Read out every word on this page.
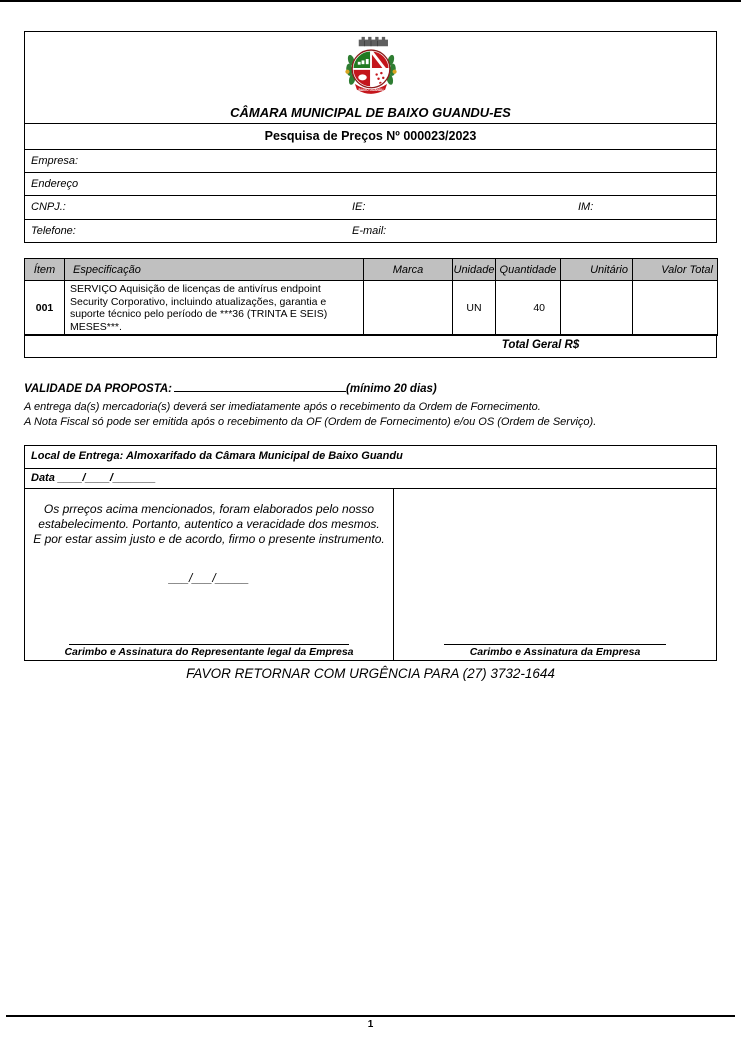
BAIXO GUANDU
CÂMARA MUNICIPAL DE BAIXO GUANDU-ES
Pesquisa de Preços Nº 000023/2023
Empresa:
Endereço
CNPJ.:	IE:	IM:
Telefone:	E-mail:
Ítem	Especificação	Marca	Unidade	Quantidade	Unitário	Valor Total
001	SERVIÇO Aquisição de licenças de antivírus endpoint Security Corporativo, incluindo atualizações, garantia e suporte técnico pelo período de ***36 (TRINTA E SEIS) MESES***.		UN	40		
Total Geral R$
VALIDADE DA PROPOSTA:	(mínimo 20 dias)
A entrega da(s) mercadoria(s) deverá ser imediatamente após o recebimento da Ordem de Fornecimento.
A Nota Fiscal só pode ser emitida após o recebimento da OF (Ordem de Fornecimento) e/ou OS (Ordem de Serviço).
Local de Entrega: Almoxarifado da Câmara Municipal de Baixo Guandu
Data ____/____/_______
Os prreços acima mencionados, foram elaborados pelo nosso estabelecimento. Portanto, autentico a veracidade dos mesmos. E por estar assim justo e de acordo, firmo o presente instrumento.
___/___/_____
Carimbo e Assinatura do Representante legal da Empresa	Carimbo e Assinatura da Empresa
FAVOR RETORNAR COM URGÊNCIA PARA (27) 3732-1644
1
